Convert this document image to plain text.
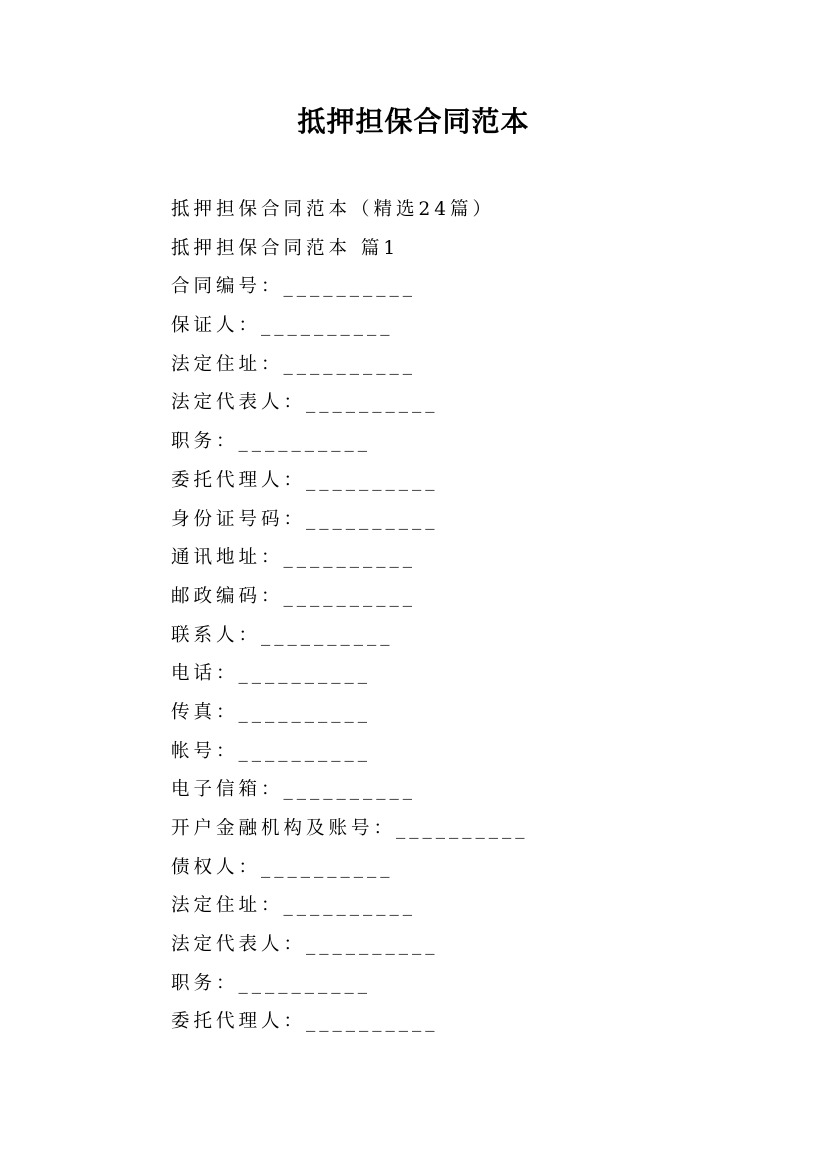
抵押担保合同范本
抵押担保合同范本（精选24篇）
抵押担保合同范本 篇1
合同编号：__________
保证人：__________
法定住址：__________
法定代表人：__________
职务：__________
委托代理人：__________
身份证号码：__________
通讯地址：__________
邮政编码：__________
联系人：__________
电话：__________
传真：__________
帐号：__________
电子信箱：__________
开户金融机构及账号：__________
债权人：__________
法定住址：__________
法定代表人：__________
职务：__________
委托代理人：__________
